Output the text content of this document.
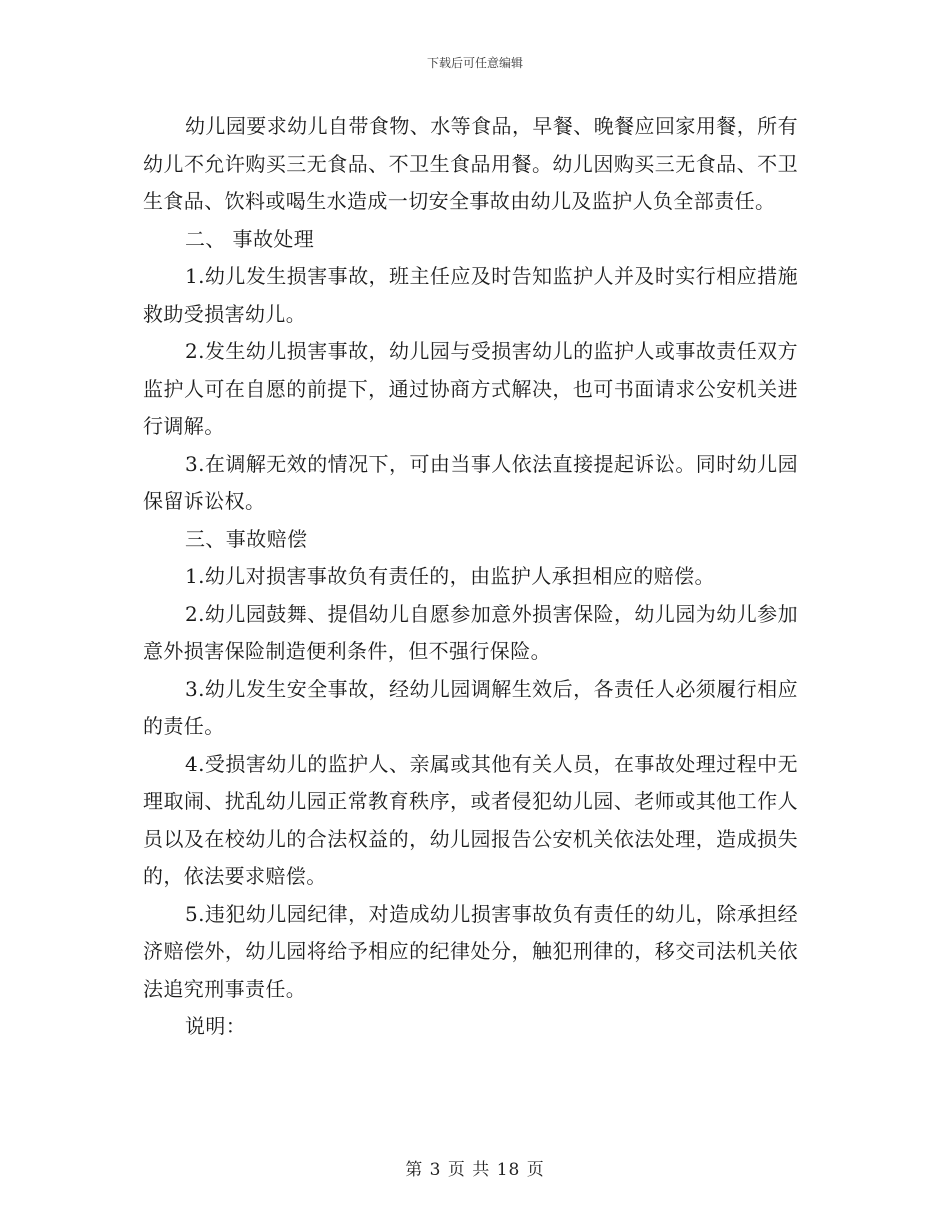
下载后可任意编辑

幼儿园要求幼儿自带食物、水等食品，早餐、晚餐应回家用餐，所有幼儿不允许购买三无食品、不卫生食品用餐。幼儿因购买三无食品、不卫生食品、饮料或喝生水造成一切安全事故由幼儿及监护人负全部责任。

二、 事故处理

1.幼儿发生损害事故，班主任应及时告知监护人并及时实行相应措施救助受损害幼儿。

2.发生幼儿损害事故，幼儿园与受损害幼儿的监护人或事故责任双方监护人可在自愿的前提下，通过协商方式解决，也可书面请求公安机关进行调解。

3.在调解无效的情况下，可由当事人依法直接提起诉讼。同时幼儿园保留诉讼权。

三、事故赔偿

1.幼儿对损害事故负有责任的，由监护人承担相应的赔偿。

2.幼儿园鼓舞、提倡幼儿自愿参加意外损害保险，幼儿园为幼儿参加意外损害保险制造便利条件，但不强行保险。

3.幼儿发生安全事故，经幼儿园调解生效后，各责任人必须履行相应的责任。

4.受损害幼儿的监护人、亲属或其他有关人员，在事故处理过程中无理取闹、扰乱幼儿园正常教育秩序，或者侵犯幼儿园、老师或其他工作人员以及在校幼儿的合法权益的，幼儿园报告公安机关依法处理，造成损失的，依法要求赔偿。

5.违犯幼儿园纪律，对造成幼儿损害事故负有责任的幼儿，除承担经济赔偿外，幼儿园将给予相应的纪律处分，触犯刑律的，移交司法机关依法追究刑事责任。

说明：

第 3 页 共 18 页
